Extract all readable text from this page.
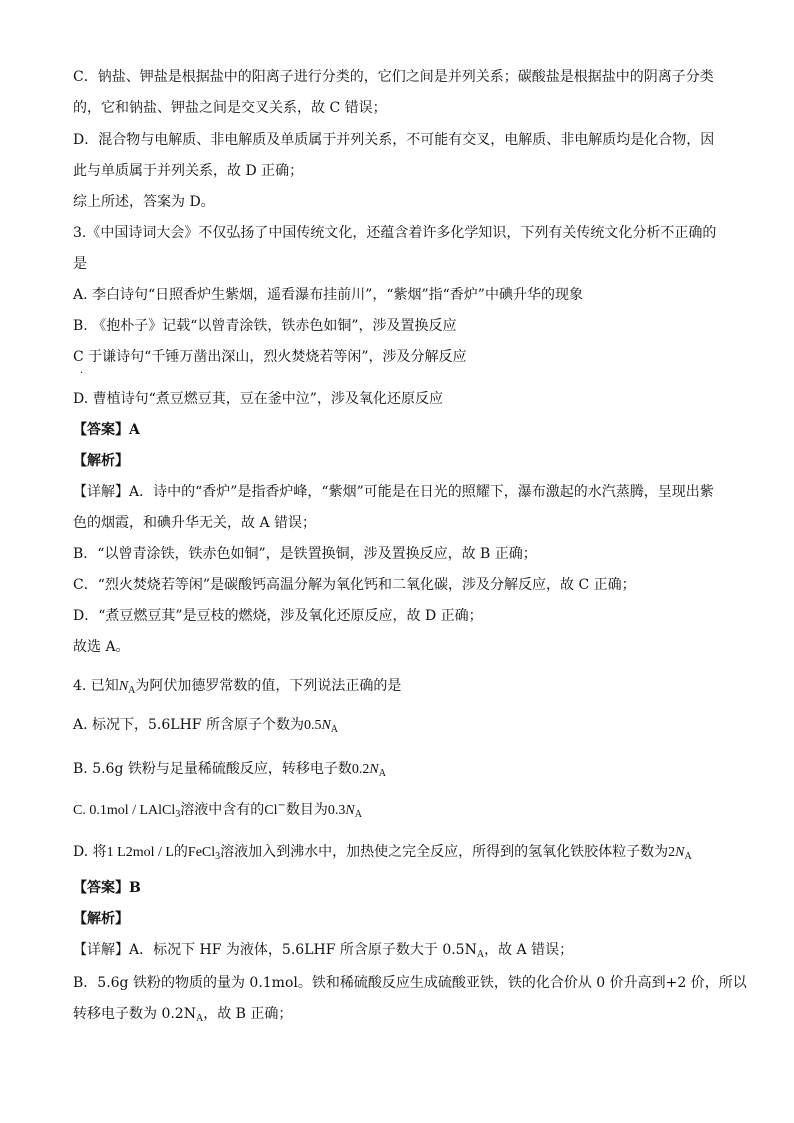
C．钠盐、钾盐是根据盐中的阳离子进行分类的，它们之间是并列关系；碳酸盐是根据盐中的阴离子分类
的，它和钠盐、钾盐之间是交叉关系，故 C 错误；
D．混合物与电解质、非电解质及单质属于并列关系，不可能有交叉，电解质、非电解质均是化合物，因
此与单质属于并列关系，故 D 正确；
综上所述，答案为 D。
3.《中国诗词大会》不仅弘扬了中国传统文化，还蕴含着许多化学知识，下列有关传统文化分析不正确的
是
A. 李白诗句“日照香炉生紫烟，遥看瀑布挂前川”，“紫烟”指“香炉”中碘升华的现象
B. 《抱朴子》记载“以曾青涂铁，铁赤色如铜”，涉及置换反应
C 于谦诗句“千锤万凿出深山，烈火焚烧若等闲”，涉及分解反应
·
D. 曹植诗句“煮豆燃豆萁，豆在釜中泣”，涉及氧化还原反应
【答案】A
【解析】
【详解】A．诗中的“香炉”是指香炉峰，“紫烟”可能是在日光的照耀下，瀑布激起的水汽蒸腾，呈现出紫
色的烟霞，和碘升华无关，故 A 错误；
B．“以曾青涂铁，铁赤色如铜”，是铁置换铜，涉及置换反应，故 B 正确；
C．“烈火焚烧若等闲”是碳酸钙高温分解为氧化钙和二氧化碳，涉及分解反应，故 C 正确；
D．“煮豆燃豆萁”是豆枝的燃烧，涉及氧化还原反应，故 D 正确；
故选 A。
4. 已知$N_A$为阿伏加德罗常数的值，下列说法正确的是
A. 标况下，5.6LHF 所含原子个数为$0.5N_A$
B. 5.6g 铁粉与足量稀硫酸反应，转移电子数$0.2N_A$
C. 0.1mol / LAlCl$_3$溶液中含有的Cl−数目为$0.3N_A$
D. 将1 L2mol / L的FeCl$_3$溶液加入到沸水中，加热使之完全反应，所得到的氢氧化铁胶体粒子数为$2N_A$
【答案】B
【解析】
【详解】A．标况下 HF 为液体，5.6LHF 所含原子数大于 $0.5N_A$，故 A 错误；
B．5.6g 铁粉的物质的量为 0.1mol。铁和稀硫酸反应生成硫酸亚铁，铁的化合价从 0 价升高到+2 价，所以
转移电子数为 $0.2N_A$，故 B 正确；
